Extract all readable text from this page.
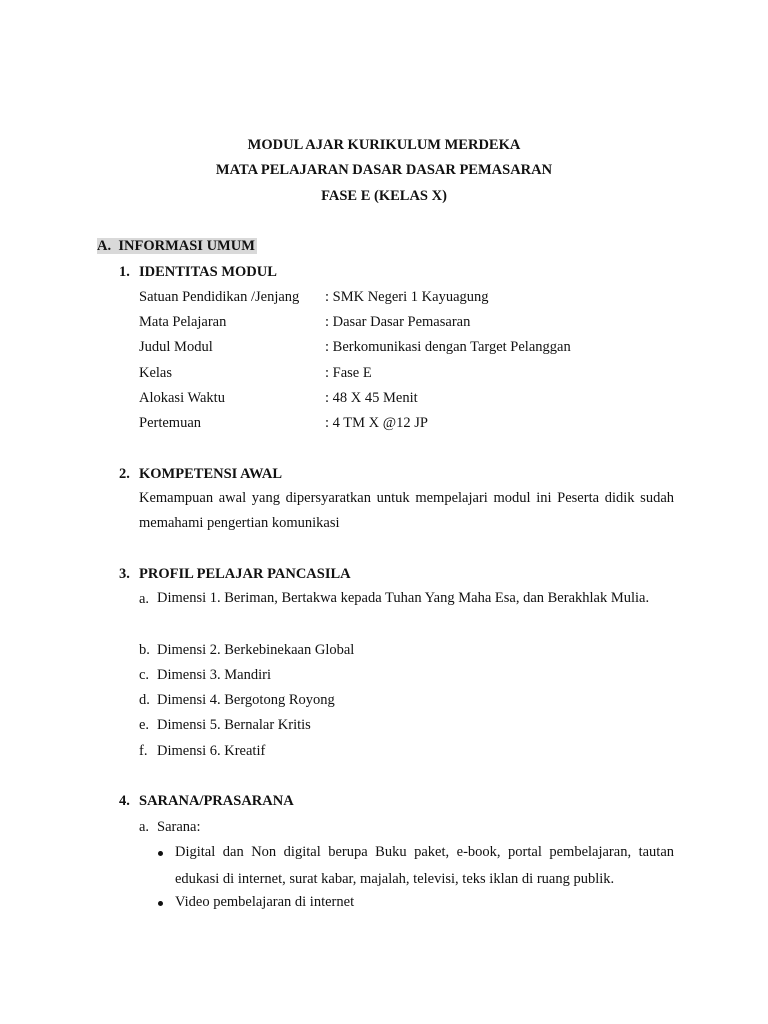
MODUL AJAR KURIKULUM MERDEKA
MATA PELAJARAN DASAR DASAR PEMASARAN
FASE E (KELAS X)
A. INFORMASI UMUM
1. IDENTITAS MODUL
Satuan Pendidikan /Jenjang : SMK Negeri 1 Kayuagung
Mata Pelajaran	: Dasar Dasar Pemasaran
Judul Modul	: Berkomunikasi dengan Target Pelanggan
Kelas	: Fase E
Alokasi Waktu	: 48 X 45 Menit
Pertemuan	: 4 TM X @12 JP
2. KOMPETENSI AWAL
Kemampuan awal yang dipersyaratkan untuk mempelajari modul ini Peserta didik sudah memahami pengertian komunikasi
3. PROFIL PELAJAR PANCASILA
a. Dimensi 1. Beriman, Bertakwa kepada Tuhan Yang Maha Esa, dan Berakhlak Mulia.
b. Dimensi 2. Berkebinekaan Global
c. Dimensi 3. Mandiri
d. Dimensi 4. Bergotong Royong
e. Dimensi 5. Bernalar Kritis
f. Dimensi 6. Kreatif
4. SARANA/PRASARANA
a. Sarana:
Digital dan Non digital berupa Buku paket, e-book, portal pembelajaran, tautan edukasi di internet, surat kabar, majalah, televisi, teks iklan di ruang publik.
Video pembelajaran di internet
